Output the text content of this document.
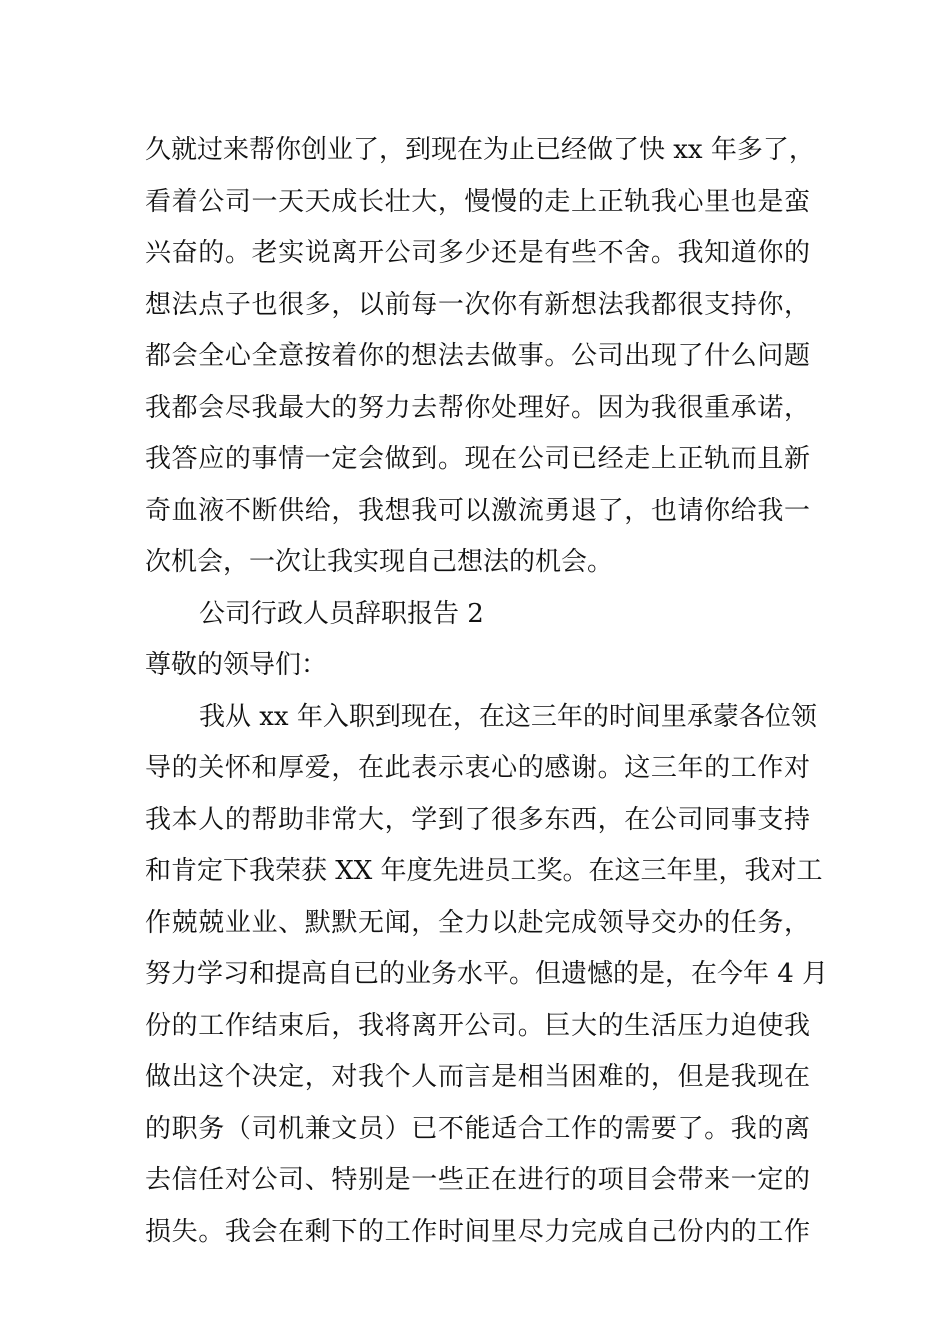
久就过来帮你创业了，到现在为止已经做了快 xx 年多了，
看着公司一天天成长壮大，慢慢的走上正轨我心里也是蛮
兴奋的。老实说离开公司多少还是有些不舍。我知道你的
想法点子也很多，以前每一次你有新想法我都很支持你，
都会全心全意按着你的想法去做事。公司出现了什么问题
我都会尽我最大的努力去帮你处理好。因为我很重承诺，
我答应的事情一定会做到。现在公司已经走上正轨而且新
奇血液不断供给，我想我可以激流勇退了，也请你给我一
次机会，一次让我实现自己想法的机会。
公司行政人员辞职报告 2
尊敬的领导们：
我从 xx 年入职到现在，在这三年的时间里承蒙各位领
导的关怀和厚爱，在此表示衷心的感谢。这三年的工作对
我本人的帮助非常大，学到了很多东西，在公司同事支持
和肯定下我荣获 XX 年度先进员工奖。在这三年里，我对工
作兢兢业业、默默无闻，全力以赴完成领导交办的任务，
努力学习和提高自已的业务水平。但遗憾的是，在今年 4 月
份的工作结束后，我将离开公司。巨大的生活压力迫使我
做出这个决定，对我个人而言是相当困难的，但是我现在
的职务（司机兼文员）已不能适合工作的需要了。我的离
去信任对公司、特别是一些正在进行的项目会带来一定的
损失。我会在剩下的工作时间里尽力完成自己份内的工作
